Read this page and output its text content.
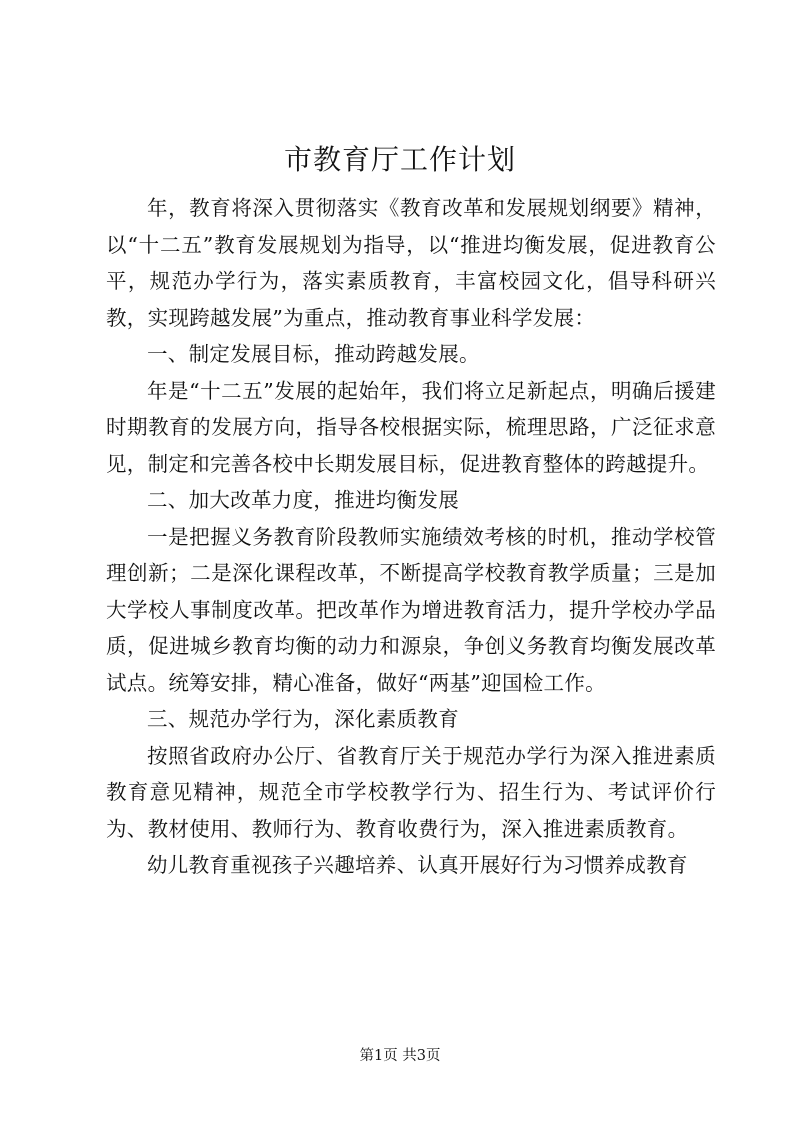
市教育厅工作计划

年，教育将深入贯彻落实《教育改革和发展规划纲要》精神，以“十二五”教育发展规划为指导，以“推进均衡发展，促进教育公平，规范办学行为，落实素质教育，丰富校园文化，倡导科研兴教，实现跨越发展”为重点，推动教育事业科学发展：

一、制定发展目标，推动跨越发展。

年是“十二五”发展的起始年，我们将立足新起点，明确后援建时期教育的发展方向，指导各校根据实际，梳理思路，广泛征求意见，制定和完善各校中长期发展目标，促进教育整体的跨越提升。

二、加大改革力度，推进均衡发展

一是把握义务教育阶段教师实施绩效考核的时机，推动学校管理创新；二是深化课程改革，不断提高学校教育教学质量；三是加大学校人事制度改革。把改革作为增进教育活力，提升学校办学品质，促进城乡教育均衡的动力和源泉，争创义务教育均衡发展改革试点。统筹安排，精心准备，做好“两基”迎国检工作。

三、规范办学行为，深化素质教育

按照省政府办公厅、省教育厅关于规范办学行为深入推进素质教育意见精神，规范全市学校教学行为、招生行为、考试评价行为、教材使用、教师行为、教育收费行为，深入推进素质教育。

幼儿教育重视孩子兴趣培养、认真开展好行为习惯养成教育

第1页 共3页
